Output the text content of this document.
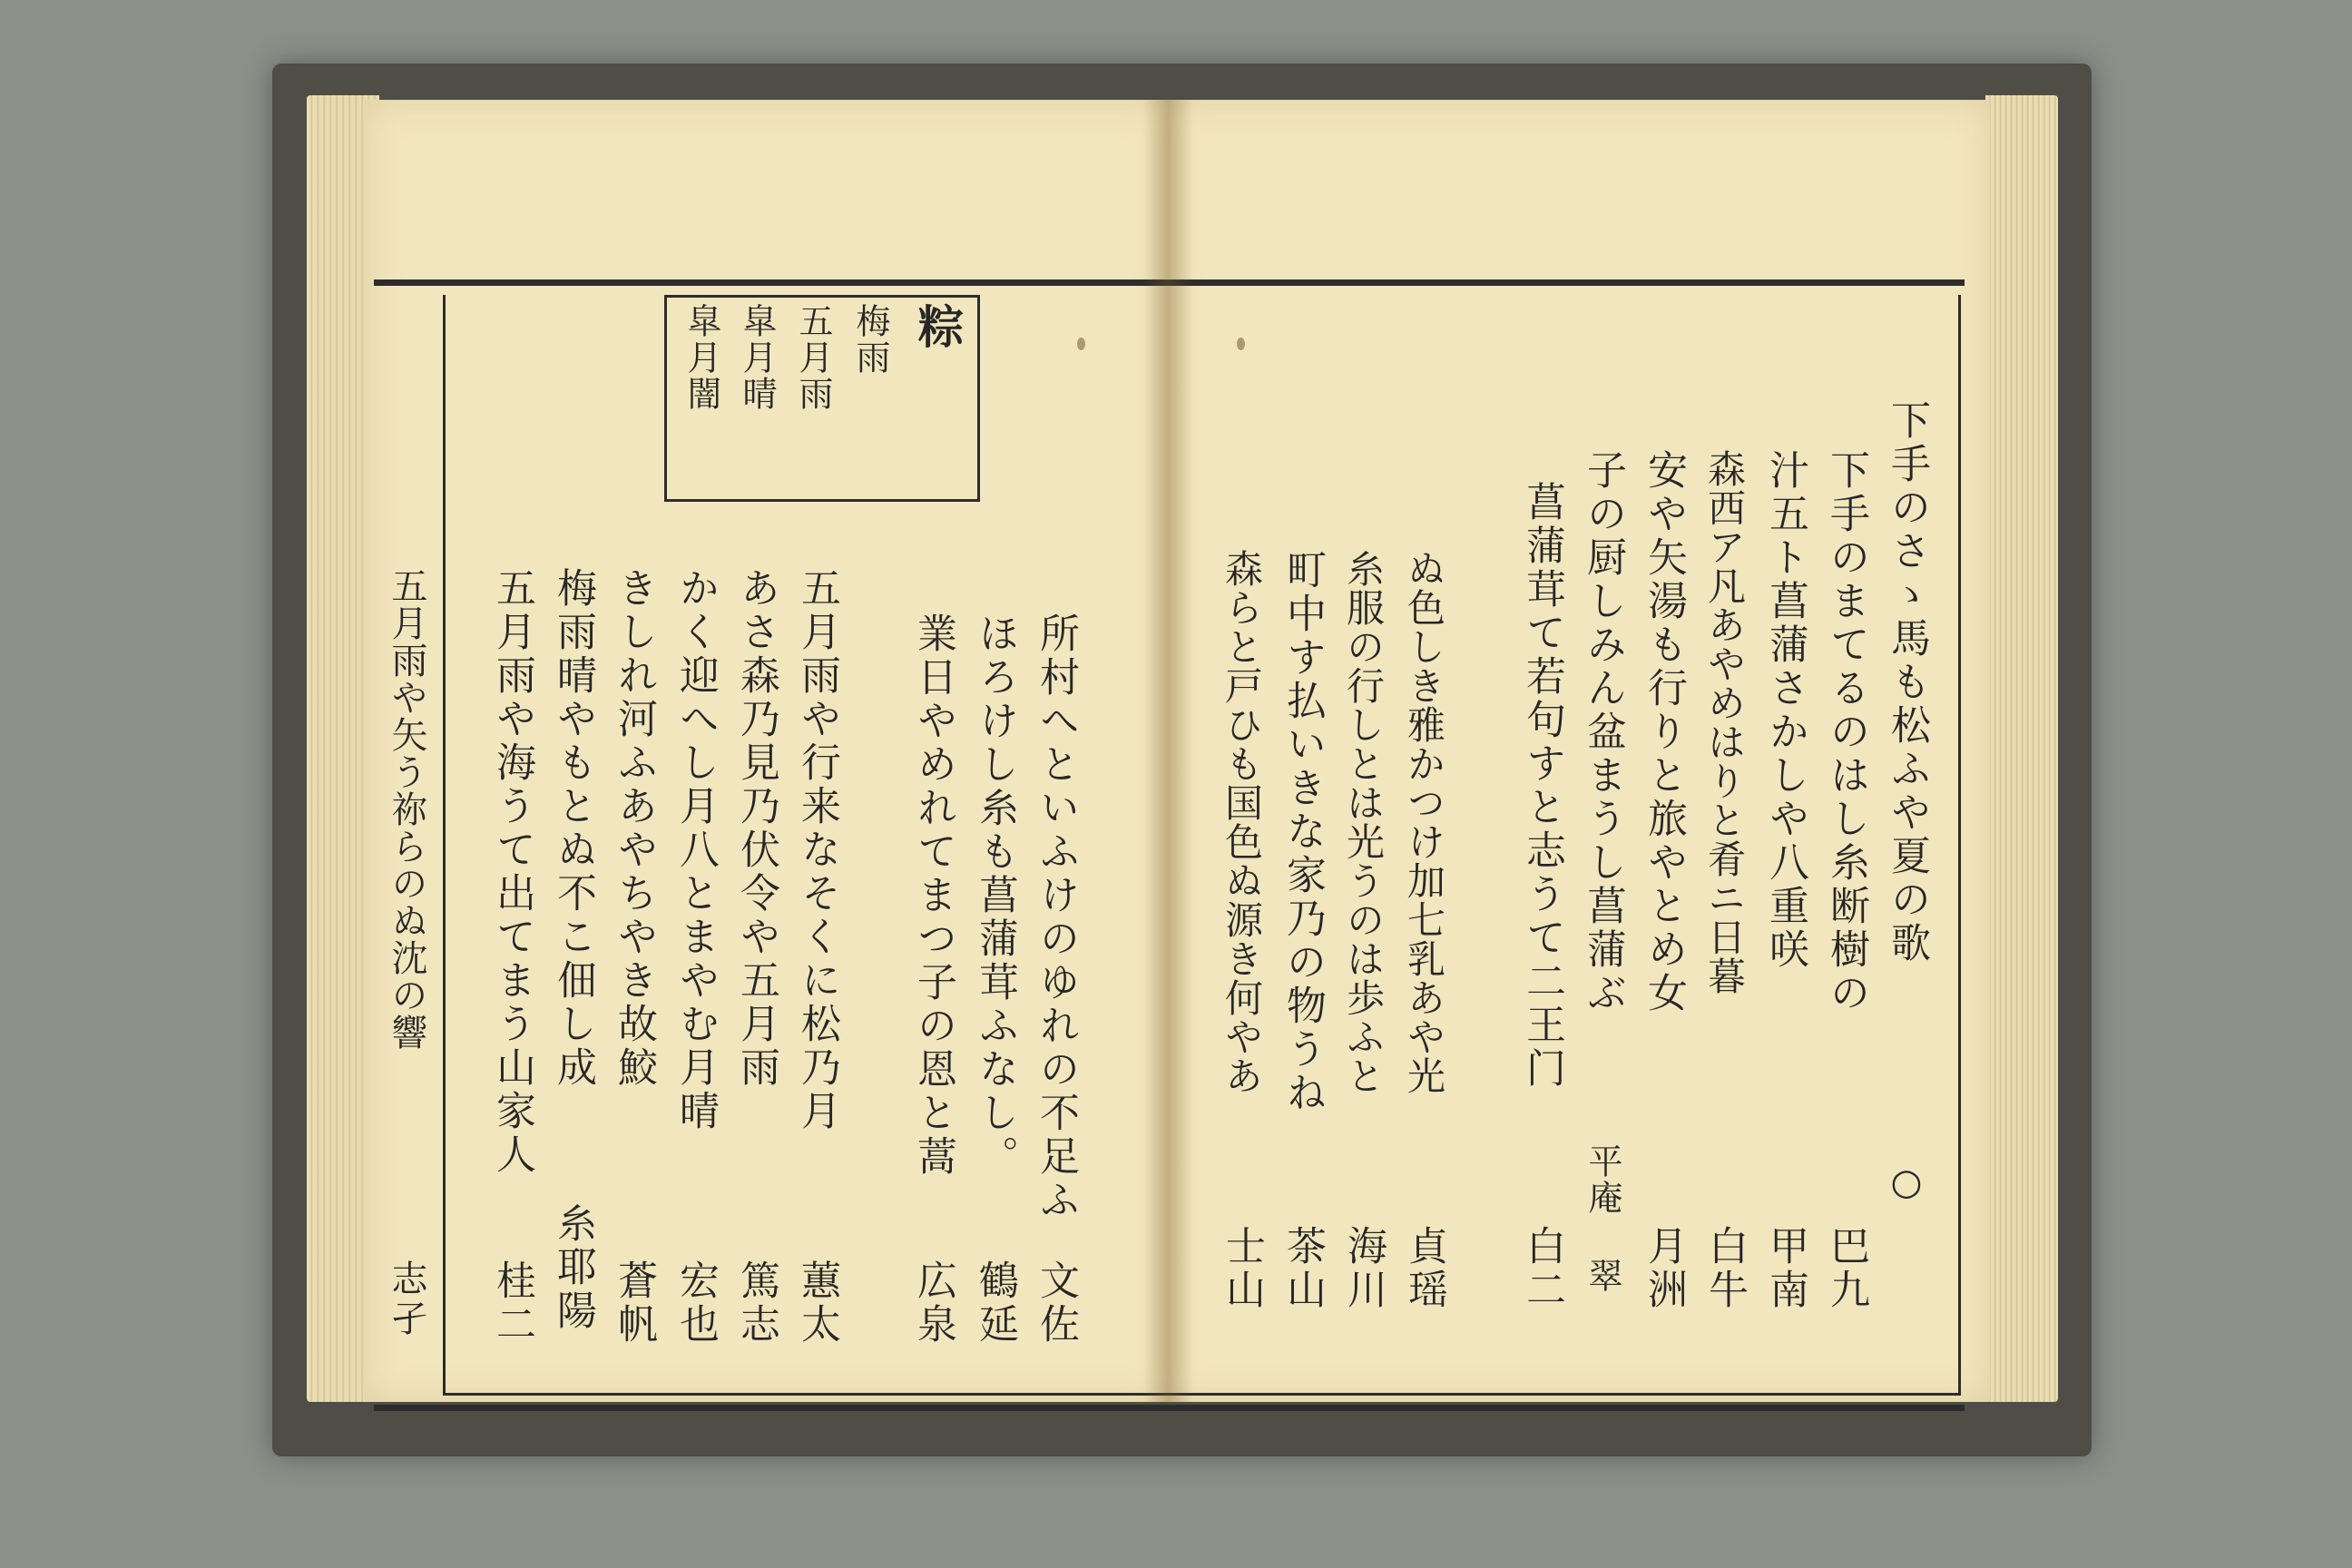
粽
梅雨
五月雨
皐月晴
皐月闇
所村へといふけのゆれの不足ふ
文佐
ほろけし糸も菖蒲茸ふなし。
鶴延
業日やめれてまつ子の恩と蒿
広泉
五月雨や行来なそくに松乃月
蕙太
あさ森乃見乃伏令や五月雨
篤志
かく迎へし月八とまやむ月晴
宏也
きしれ河ふあやちやき故鮫
蒼帆
梅雨晴やもとぬ不こ佃し成
糸耶陽
五月雨や海うて出てまう山家人
桂二
五月雨や矢う祢らのぬ沈の響
志孑
下手のさゝ馬も松ふや夏の歌
○
下手のまてるのはし糸断樹の
巴九
汁五ト菖蒲さかしや八重咲
甲南
森西ア凡あやめはりと肴ニ日暮
白牛
安や矢湯も行りと旅やとめ女
月洲
子の厨しみん盆まうし菖蒲ぶ
平庵 翠
菖蒲茸て若句すと志うて二王门
白二
ぬ色しき雅かつけ加七乳あや光
貞瑶
糸服の行しとは光うのは歩ふと
海川
町中す払いきな家乃の物うね
茶山
森らと戸ひも国色ぬ源き何やあ
士山
